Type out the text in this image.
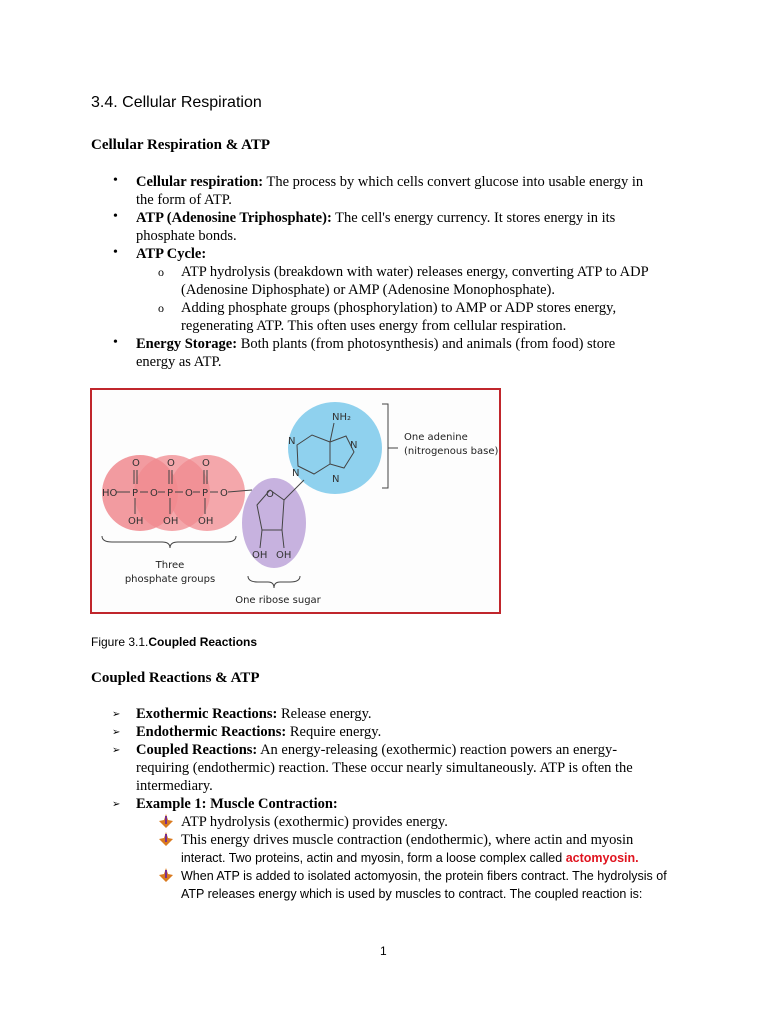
3.4. Cellular Respiration
Cellular Respiration & ATP
• Cellular respiration: The process by which cells convert glucose into usable energy in
the form of ATP.
• ATP (Adenosine Triphosphate): The cell's energy currency. It stores energy in its
phosphate bonds.
• ATP Cycle:
o ATP hydrolysis (breakdown with water) releases energy, converting ATP to ADP
(Adenosine Diphosphate) or AMP (Adenosine Monophosphate).
o Adding phosphate groups (phosphorylation) to AMP or ADP stores energy,
regenerating ATP. This often uses energy from cellular respiration.
• Energy Storage: Both plants (from photosynthesis) and animals (from food) store
energy as ATP.
HO P O P O P O
O	O	O
OH OH OH
O
OH OH
NH₂
N	N
N
N
One adenine
(nitrogenous base)
Three
phosphate groups
One ribose sugar
Figure 3.1.Coupled Reactions
Coupled Reactions & ATP
➢ Exothermic Reactions: Release energy.
➢ Endothermic Reactions: Require energy.
➢ Coupled Reactions: An energy-releasing (exothermic) reaction powers an energy-
requiring (endothermic) reaction. These occur nearly simultaneously. ATP is often the
intermediary.
➢ Example 1: Muscle Contraction:
ATP hydrolysis (exothermic) provides energy.
This energy drives muscle contraction (endothermic), where actin and myosin
interact. Two proteins, actin and myosin, form a loose complex called actomyosin.
When ATP is added to isolated actomyosin, the protein fibers contract. The hydrolysis of
ATP releases energy which is used by muscles to contract. The coupled reaction is:
1
